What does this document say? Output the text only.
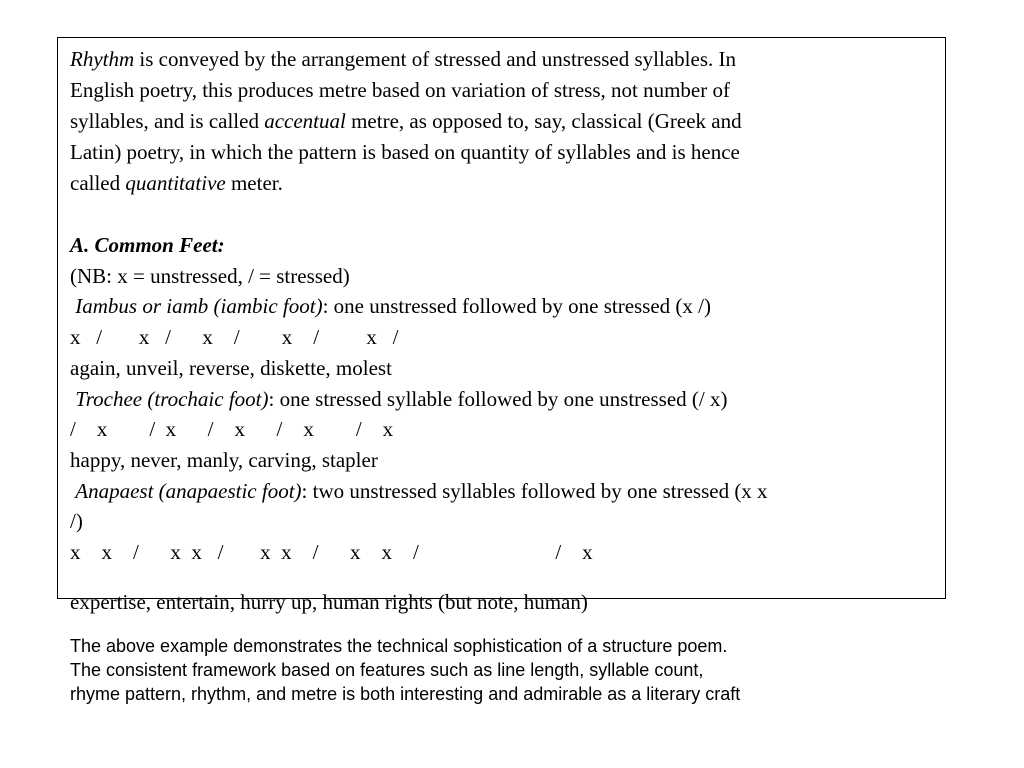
Rhythm is conveyed by the arrangement of stressed and unstressed syllables. In
English poetry, this produces metre based on variation of stress, not number of
syllables, and is called accentual metre, as opposed to, say, classical (Greek and
Latin) poetry, in which the pattern is based on quantity of syllables and is hence
called quantitative meter.
A. Common Feet:
(NB: x = unstressed, / = stressed)
Iambus or iamb (iambic foot): one unstressed followed by one stressed (x /)
x   /       x   /      x    /        x    /         x   /
again, unveil, reverse, diskette, molest
Trochee (trochaic foot): one stressed syllable followed by one unstressed (/ x)
/    x        /  x      /    x      /    x        /    x
happy, never, manly, carving, stapler
Anapaest (anapaestic foot): two unstressed syllables followed by one stressed (x x
/)
x    x    /      x  x   /       x  x    /      x    x    /                          /    x
expertise, entertain, hurry up, human rights (but note, human)
The above example demonstrates the technical sophistication of a structure poem.
The consistent framework based on features such as line length, syllable count,
rhyme pattern, rhythm, and metre is both interesting and admirable as a literary craft
